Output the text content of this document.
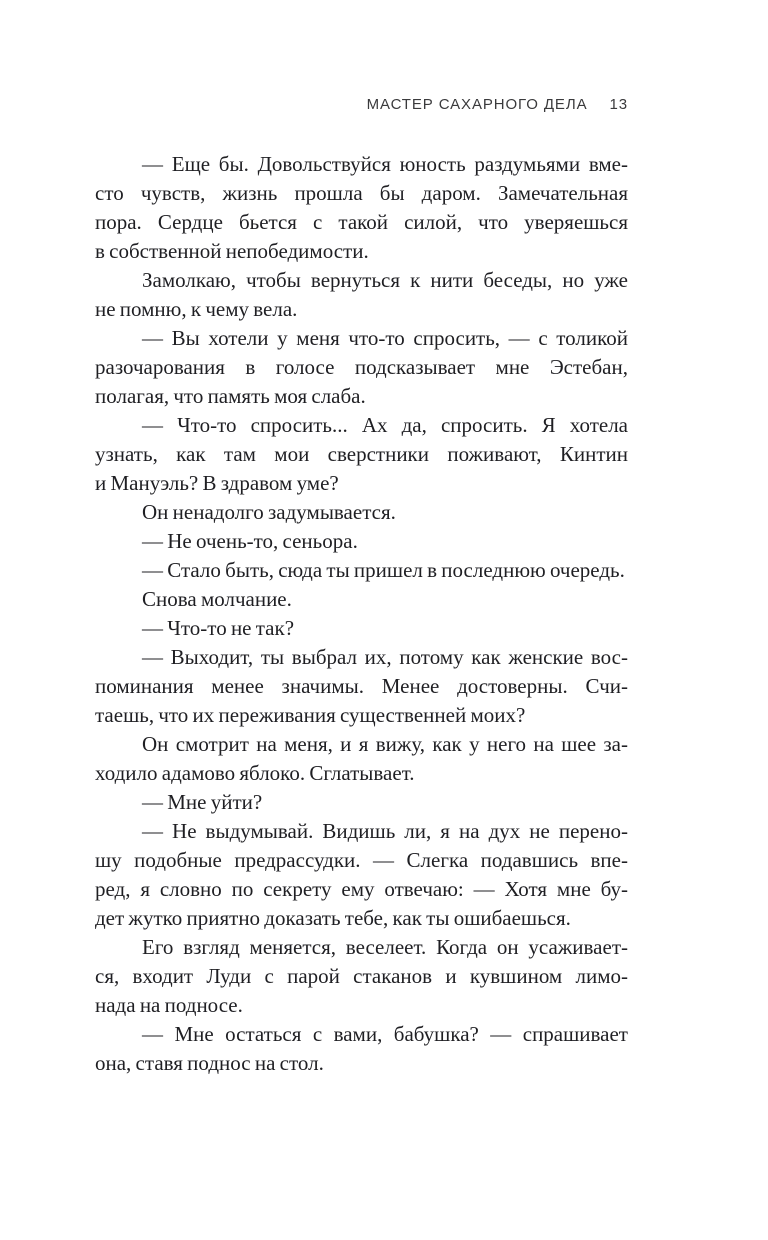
МАСТЕР САХАРНОГО ДЕЛА 13
— Еще бы. Довольствуйся юность раздумьями вме-
сто чувств, жизнь прошла бы даром. Замечательная
пора. Сердце бьется с такой силой, что уверяешься
в собственной непобедимости.
Замолкаю, чтобы вернуться к нити беседы, но уже
не помню, к чему вела.
— Вы хотели у меня что-то спросить, — с толикой
разочарования в голосе подсказывает мне Эстебан,
полагая, что память моя слаба.
— Что-то спросить... Ах да, спросить. Я хотела
узнать, как там мои сверстники поживают, Кинтин
и Мануэль? В здравом уме?
Он ненадолго задумывается.
— Не очень-то, сеньора.
— Стало быть, сюда ты пришел в последнюю очередь.
Снова молчание.
— Что-то не так?
— Выходит, ты выбрал их, потому как женские вос-
поминания менее значимы. Менее достоверны. Счи-
таешь, что их переживания существенней моих?
Он смотрит на меня, и я вижу, как у него на шее за-
ходило адамово яблоко. Сглатывает.
— Мне уйти?
— Не выдумывай. Видишь ли, я на дух не перено-
шу подобные предрассудки. — Слегка подавшись впе-
ред, я словно по секрету ему отвечаю: — Хотя мне бу-
дет жутко приятно доказать тебе, как ты ошибаешься.
Его взгляд меняется, веселеет. Когда он усаживает-
ся, входит Луди с парой стаканов и кувшином лимо-
нада на подносе.
— Мне остаться с вами, бабушка? — спрашивает
она, ставя поднос на стол.
